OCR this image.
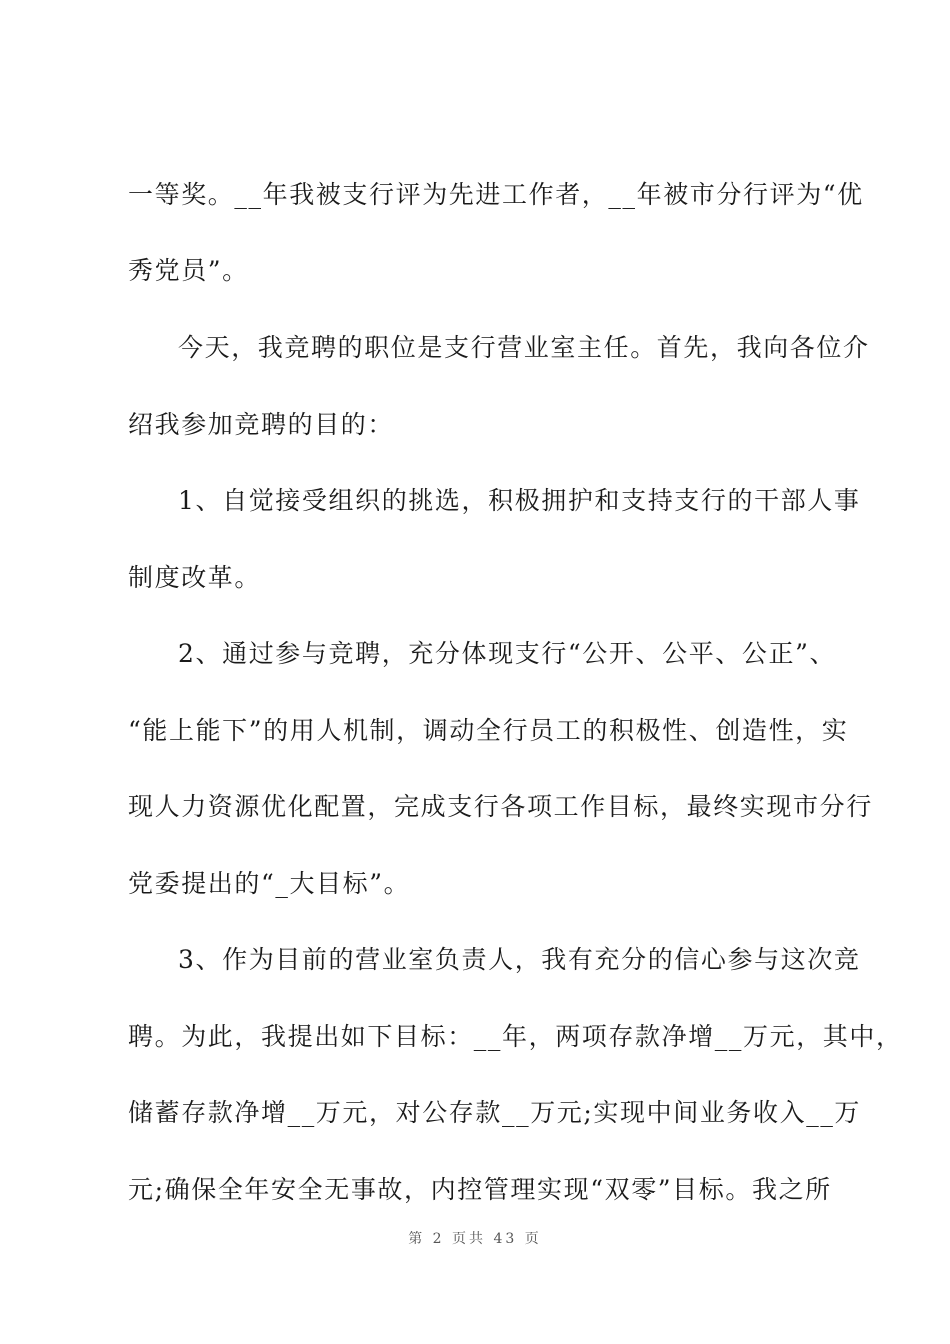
一等奖。__年我被支行评为先进工作者，__年被市分行评为“优
秀党员”。
今天，我竞聘的职位是支行营业室主任。首先，我向各位介
绍我参加竞聘的目的：
1、自觉接受组织的挑选，积极拥护和支持支行的干部人事
制度改革。
2、通过参与竞聘，充分体现支行“公开、公平、公正”、
“能上能下”的用人机制，调动全行员工的积极性、创造性，实
现人力资源优化配置，完成支行各项工作目标，最终实现市分行
党委提出的“_大目标”。
3、作为目前的营业室负责人，我有充分的信心参与这次竞
聘。为此，我提出如下目标：__年，两项存款净增__万元，其中，
储蓄存款净增__万元，对公存款__万元;实现中间业务收入__万
元;确保全年安全无事故，内控管理实现“双零”目标。我之所
第 2 页共 43 页
